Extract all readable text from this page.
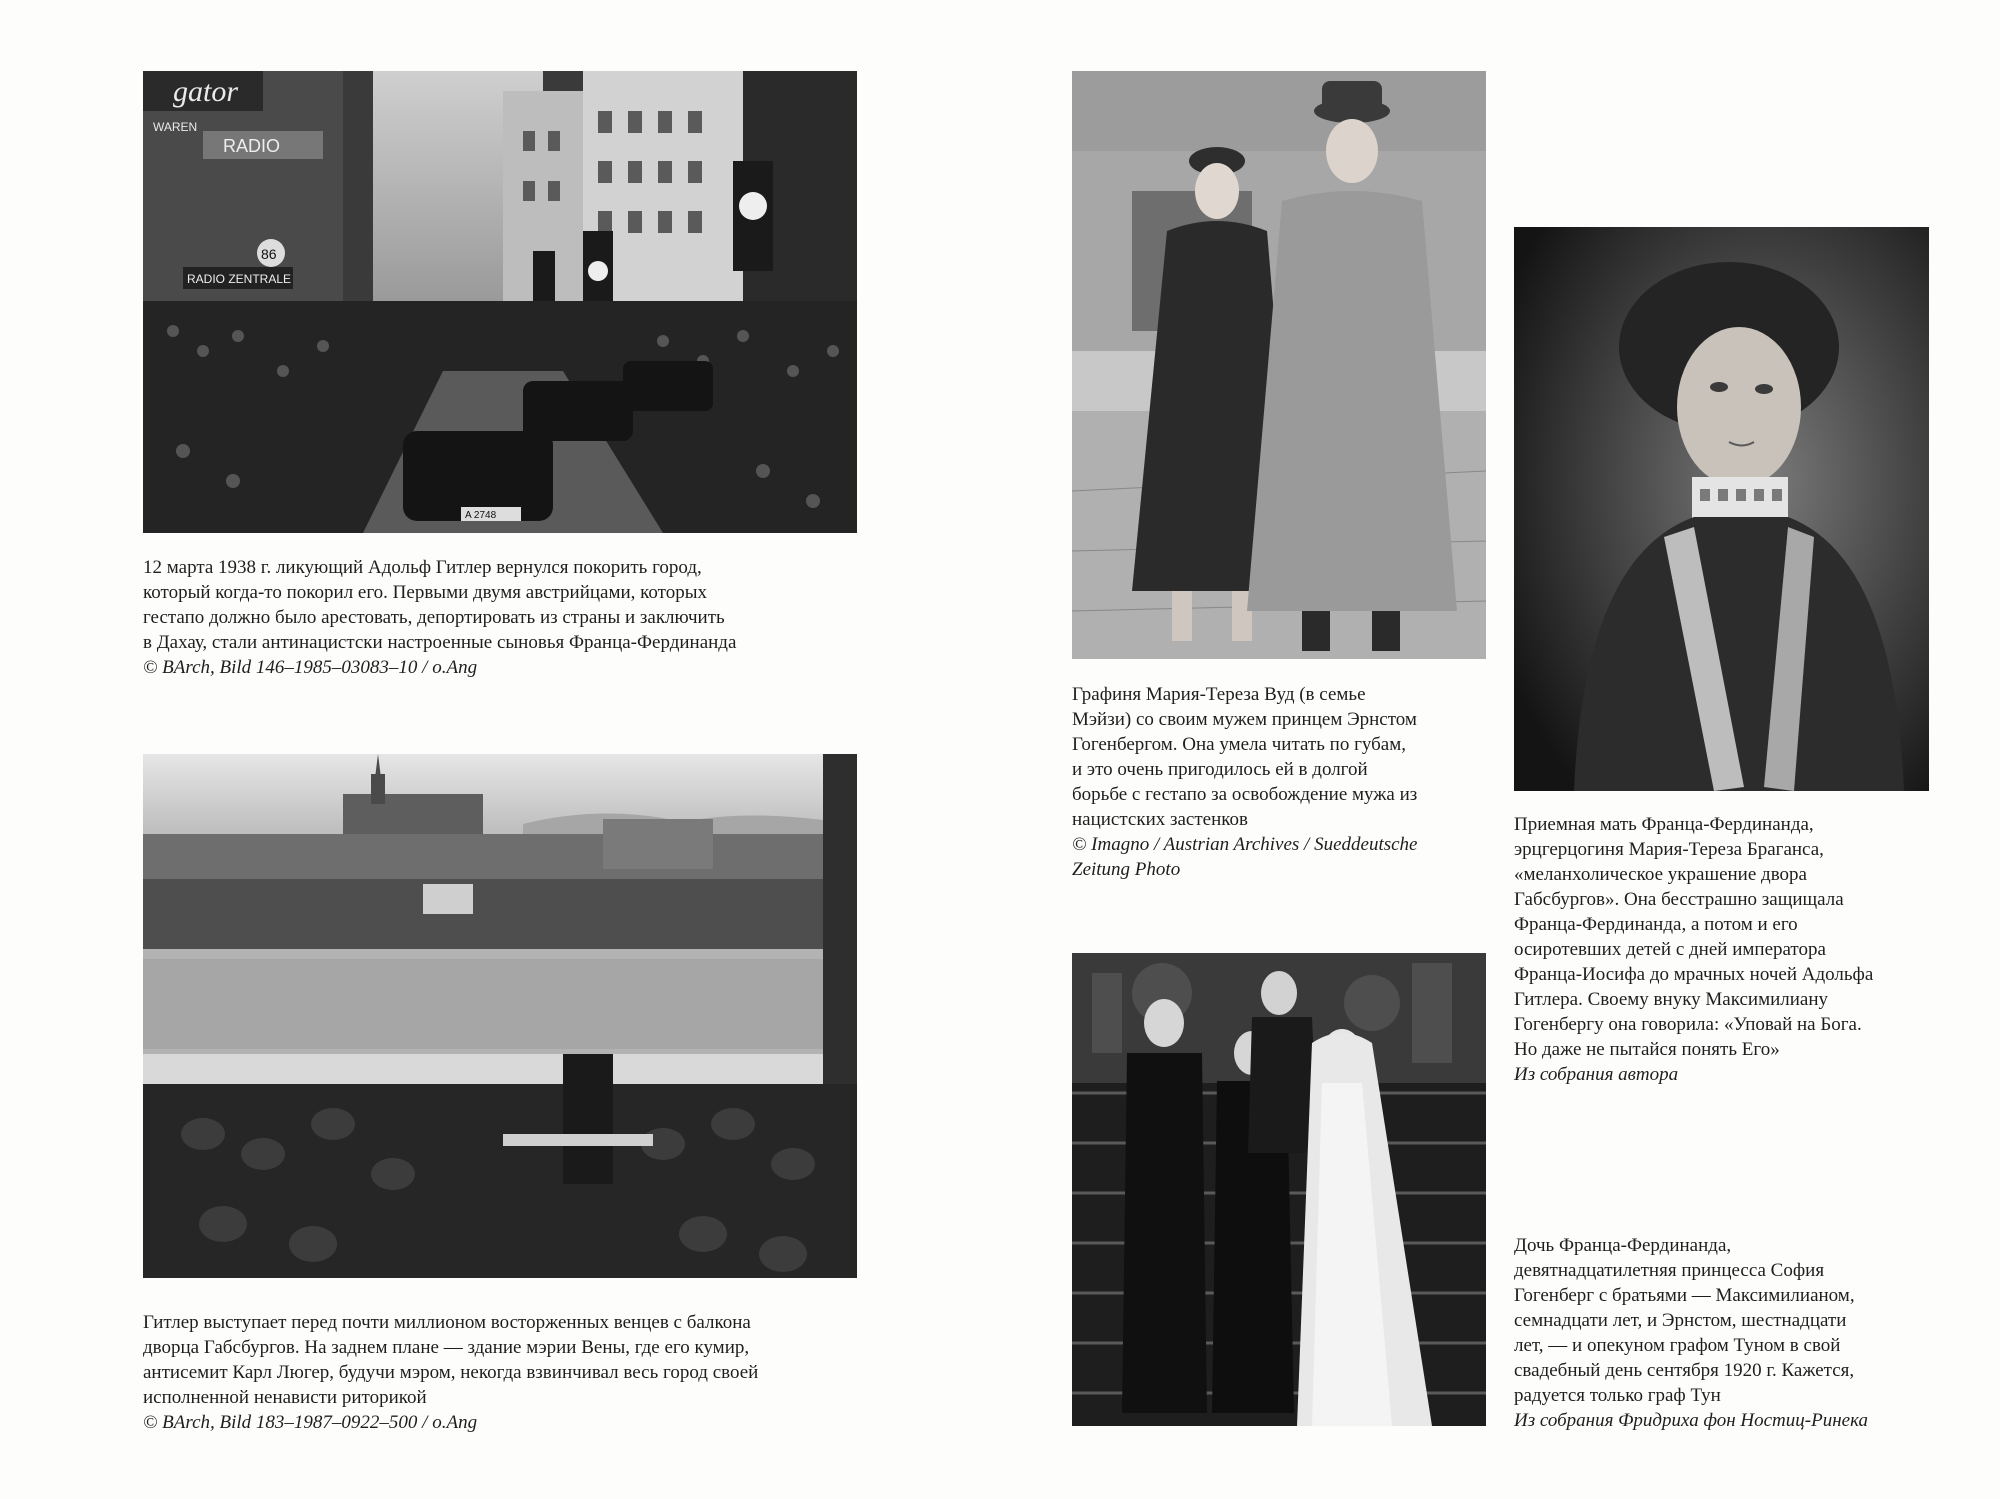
gator
WAREN
RADIO
86
RADIO ZENTRALE
A 2748

12 марта 1938 г. ликующий Адольф Гитлер вернулся покорить город,

который когда-то покорил его. Первыми двумя австрийцами, которых

гестапо должно было арестовать, депортировать из страны и заключить

в Дахау, стали антинацистски настроенные сыновья Франца-Фердинанда

© BArch, Bild 146–1985–03083–10 / o.Ang

Гитлер выступает перед почти миллионом восторженных венцев с балкона

дворца Габсбургов. На заднем плане — здание мэрии Вены, где его кумир,

антисемит Карл Люгер, будучи мэром, некогда взвинчивал весь город своей

исполненной ненависти риторикой

© BArch, Bild 183–1987–0922–500 / o.Ang

Графиня Мария-Тереза Вуд (в семье

Мэйзи) со своим мужем принцем Эрнстом

Гогенбергом. Она умела читать по губам,

и это очень пригодилось ей в долгой

борьбе с гестапо за освобождение мужа из

нацистских застенков

© Imagno / Austrian Archives / Sueddeutsche

Zeitung Photo

Приемная мать Франца-Фердинанда,

эрцгерцогиня Мария-Тереза Браганса,

«меланхолическое украшение двора

Габсбургов». Она бесстрашно защищала

Франца-Фердинанда, а потом и его

осиротевших детей с дней императора

Франца-Иосифа до мрачных ночей Адольфа

Гитлера. Своему внуку Максимилиану

Гогенбергу она говорила: «Уповай на Бога.

Но даже не пытайся понять Его»

Из собрания автора

Дочь Франца-Фердинанда,

девятнадцатилетняя принцесса София

Гогенберг с братьями — Максимилианом,

семнадцати лет, и Эрнстом, шестнадцати

лет, — и опекуном графом Туном в свой

свадебный день сентября 1920 г. Кажется,

радуется только граф Тун

Из собрания Фридриха фон Ностиц-Ринека
